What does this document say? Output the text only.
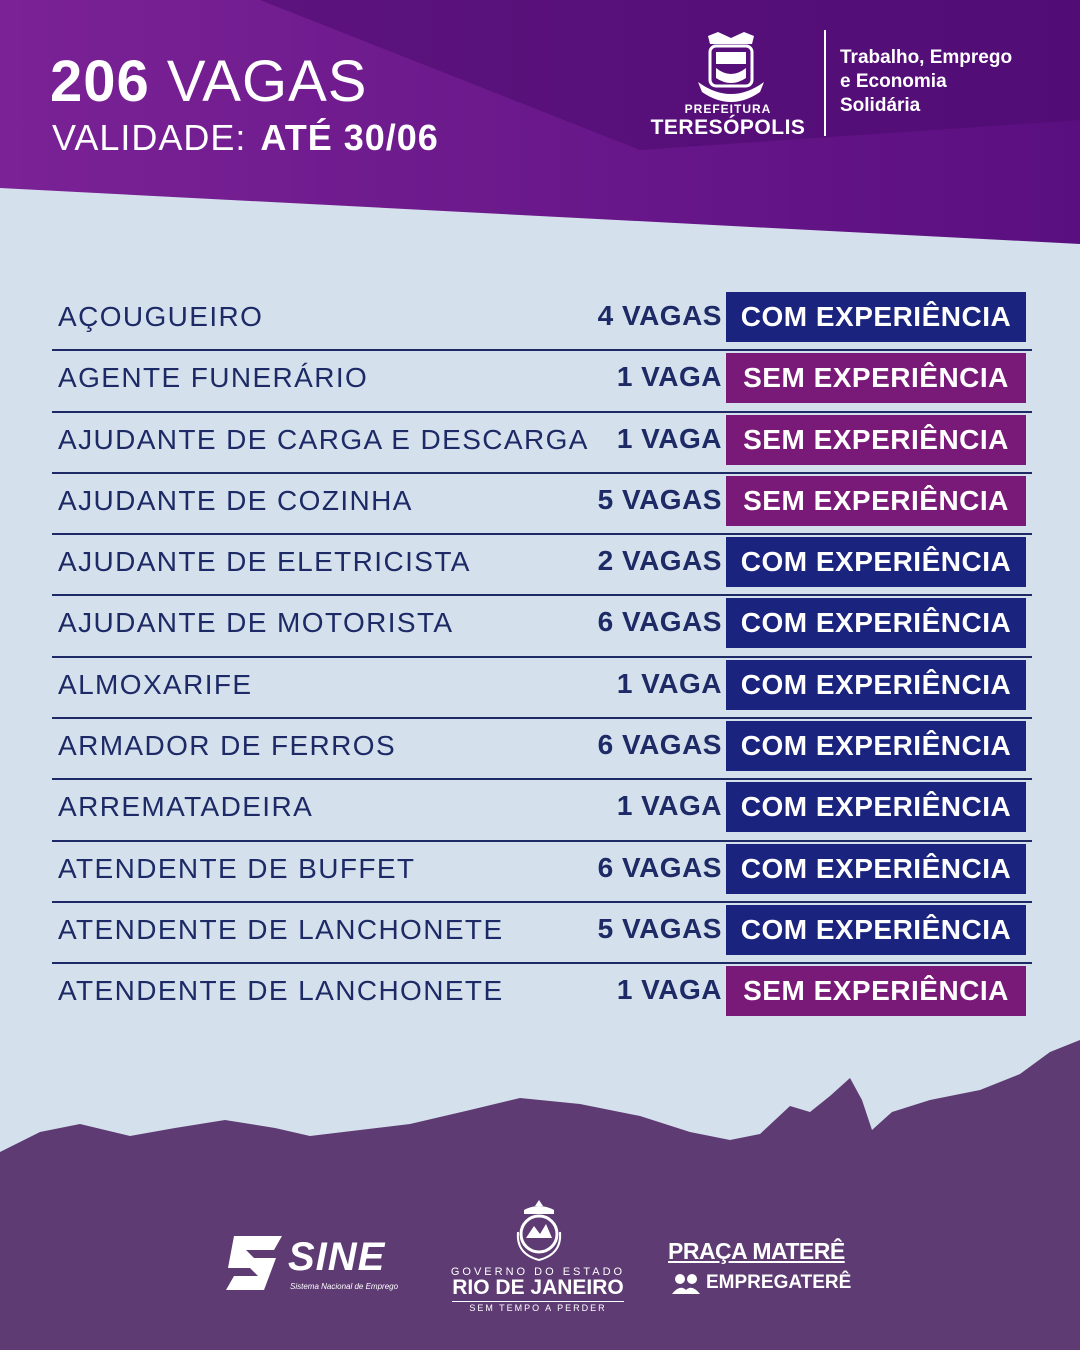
206 VAGAS
VALIDADE: ATÉ 30/06
PREFEITURA
TERESÓPOLIS
Trabalho, Emprego
e Economia
Solidária
AÇOUGUEIRO	4 VAGAS COM EXPERIÊNCIA
AGENTE FUNERÁRIO	1 VAGA SEM EXPERIÊNCIA
AJUDANTE DE CARGA E DESCARGA 1 VAGA SEM EXPERIÊNCIA
AJUDANTE DE COZINHA	5 VAGAS SEM EXPERIÊNCIA
AJUDANTE DE ELETRICISTA	2 VAGAS COM EXPERIÊNCIA
AJUDANTE DE MOTORISTA	6 VAGAS COM EXPERIÊNCIA
ALMOXARIFE	1 VAGA COM EXPERIÊNCIA
ARMADOR DE FERROS	6 VAGAS COM EXPERIÊNCIA
ARREMATADEIRA	1 VAGA COM EXPERIÊNCIA
ATENDENTE DE BUFFET	6 VAGAS COM EXPERIÊNCIA
ATENDENTE DE LANCHONETE	5 VAGAS COM EXPERIÊNCIA
ATENDENTE DE LANCHONETE	1 VAGA SEM EXPERIÊNCIA
SINE
Sistema Nacional de Emprego
GOVERNO DO ESTADO
RIO DE JANEIRO
SEM TEMPO A PERDER
PRAÇA MATERÊ
EMPREGATERÊ
